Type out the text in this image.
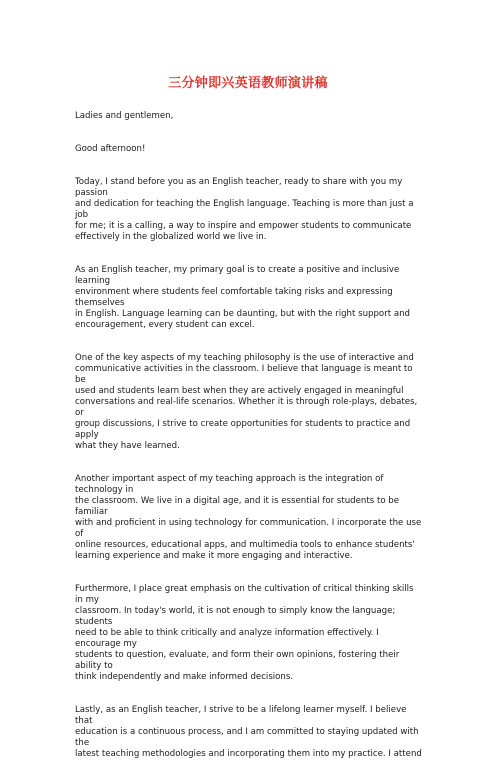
三分钟即兴英语教师演讲稿

Ladies and gentlemen,

Good afternoon!

Today, I stand before you as an English teacher, ready to share with you my passion
and dedication for teaching the English language. Teaching is more than just a job
for me; it is a calling, a way to inspire and empower students to communicate
effectively in the globalized world we live in.

As an English teacher, my primary goal is to create a positive and inclusive learning
environment where students feel comfortable taking risks and expressing themselves
in English. Language learning can be daunting, but with the right support and
encouragement, every student can excel.

One of the key aspects of my teaching philosophy is the use of interactive and
communicative activities in the classroom. I believe that language is meant to be
used and students learn best when they are actively engaged in meaningful
conversations and real-life scenarios. Whether it is through role-plays, debates, or
group discussions, I strive to create opportunities for students to practice and apply
what they have learned.

Another important aspect of my teaching approach is the integration of technology in
the classroom. We live in a digital age, and it is essential for students to be familiar
with and proficient in using technology for communication. I incorporate the use of
online resources, educational apps, and multimedia tools to enhance students'
learning experience and make it more engaging and interactive.

Furthermore, I place great emphasis on the cultivation of critical thinking skills in my
classroom. In today's world, it is not enough to simply know the language; students
need to be able to think critically and analyze information effectively. I encourage my
students to question, evaluate, and form their own opinions, fostering their ability to
think independently and make informed decisions.

Lastly, as an English teacher, I strive to be a lifelong learner myself. I believe that
education is a continuous process, and I am committed to staying updated with the
latest teaching methodologies and incorporating them into my practice. I attend
